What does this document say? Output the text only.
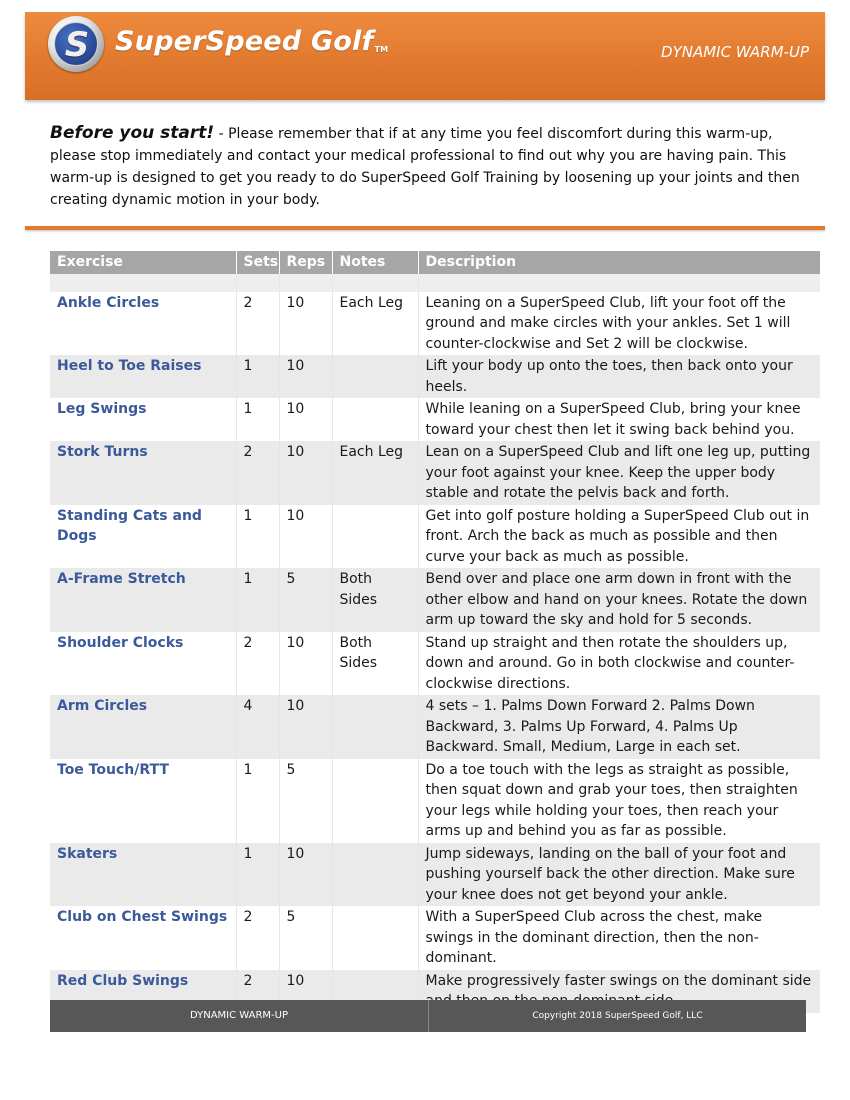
S SuperSpeed GolfTM	DYNAMIC WARM-UP
Before you start! - Please remember that if at any time you feel discomfort during this warm-up, please stop immediately and contact your medical professional to find out why you are having pain. This warm-up is designed to get you ready to do SuperSpeed Golf Training by loosening up your joints and then creating dynamic motion in your body.
Exercise	Sets	Reps	Notes	Description

Ankle Circles	2	10	Each Leg	Leaning on a SuperSpeed Club, lift your foot off the ground and make circles with your ankles. Set 1 will counter-clockwise and Set 2 will be clockwise.
Heel to Toe Raises	1	10		Lift your body up onto the toes, then back onto your heels.
Leg Swings	1	10		While leaning on a SuperSpeed Club, bring your knee toward your chest then let it swing back behind you.
Stork Turns	2	10	Each Leg	Lean on a SuperSpeed Club and lift one leg up, putting your foot against your knee. Keep the upper body stable and rotate the pelvis back and forth.
Standing Cats and Dogs	1	10		Get into golf posture holding a SuperSpeed Club out in front. Arch the back as much as possible and then curve your back as much as possible.
A-Frame Stretch	1	5	Both Sides	Bend over and place one arm down in front with the other elbow and hand on your knees. Rotate the down arm up toward the sky and hold for 5 seconds.
Shoulder Clocks	2	10	Both Sides	Stand up straight and then rotate the shoulders up, down and around. Go in both clockwise and counter-clockwise directions.
Arm Circles	4	10		4 sets – 1. Palms Down Forward 2. Palms Down Backward, 3. Palms Up Forward, 4. Palms Up Backward. Small, Medium, Large in each set.
Toe Touch/RTT	1	5		Do a toe touch with the legs as straight as possible, then squat down and grab your toes, then straighten your legs while holding your toes, then reach your arms up and behind you as far as possible.
Skaters	1	10		Jump sideways, landing on the ball of your foot and pushing yourself back the other direction. Make sure your knee does not get beyond your ankle.
Club on Chest Swings	2	5		With a SuperSpeed Club across the chest, make swings in the dominant direction, then the non-dominant.
Red Club Swings	2	10		Make progressively faster swings on the dominant side
DYNAMIC WARM-UP	Copyright 2018 SuperSpeed Golf, LLC
